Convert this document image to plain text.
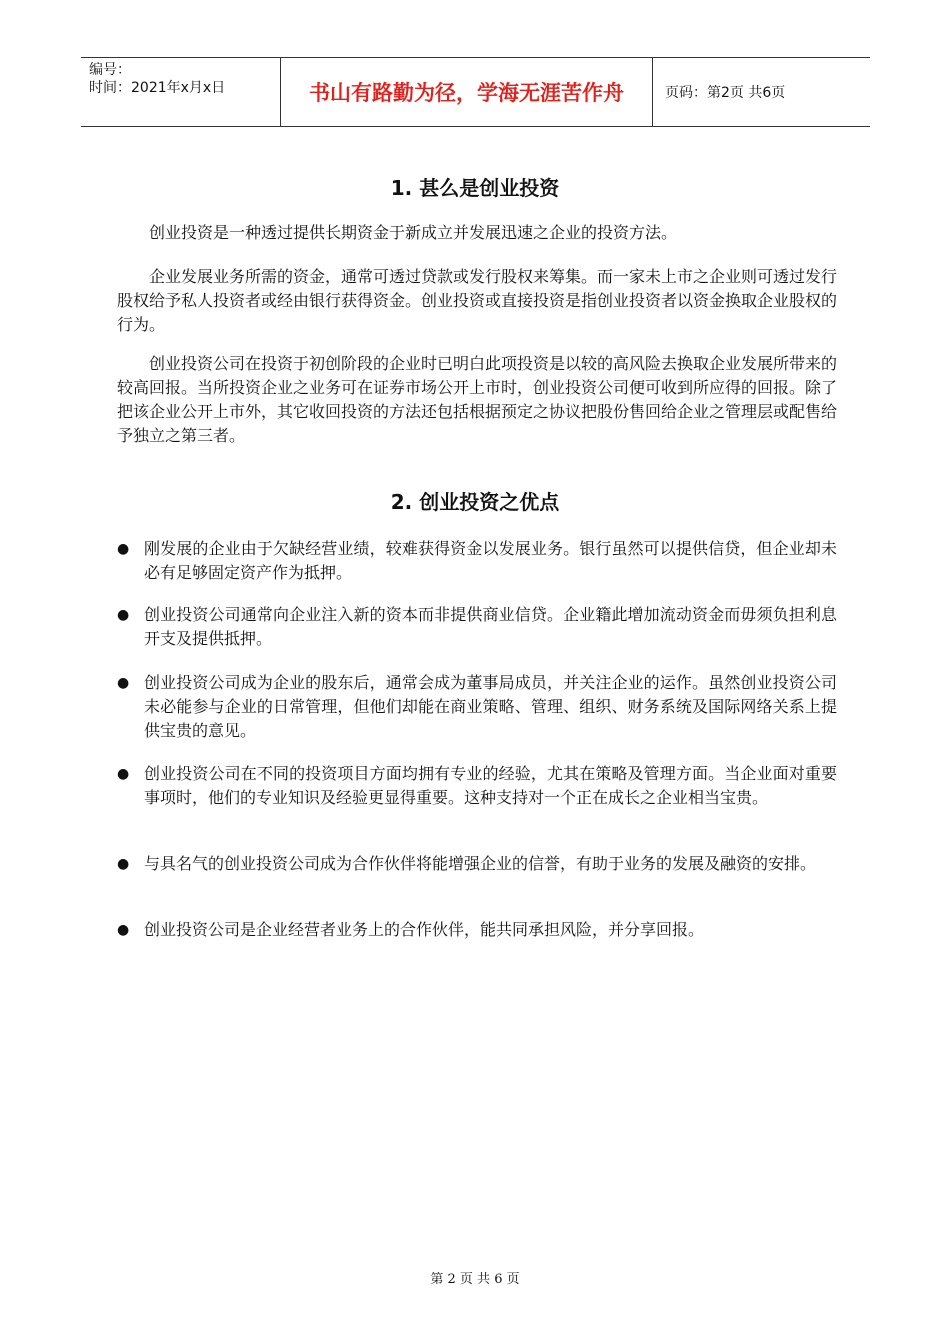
编号：
时间：2021年x月x日	书山有路勤为径，学海无涯苦作舟	页码：第2页 共6页
1. 甚么是创业投资

创业投资是一种透过提供长期资金于新成立并发展迅速之企业的投资方法。

企业发展业务所需的资金，通常可透过贷款或发行股权来筹集。而一家未上市之企业则可透过发行股权给予私人投资者或经由银行获得资金。创业投资或直接投资是指创业投资者以资金换取企业股权的行为。

创业投资公司在投资于初创阶段的企业时已明白此项投资是以较的高风险去换取企业发展所带来的较高回报。当所投资企业之业务可在证券市场公开上市时，创业投资公司便可收到所应得的回报。除了把该企业公开上市外，其它收回投资的方法还包括根据预定之协议把股份售回给企业之管理层或配售给予独立之第三者。

2. 创业投资之优点
● 刚发展的企业由于欠缺经营业绩，较难获得资金以发展业务。银行虽然可以提供信贷，但企业却未必有足够固定资产作为抵押。
● 创业投资公司通常向企业注入新的资本而非提供商业信贷。企业籍此增加流动资金而毋须负担利息开支及提供抵押。
● 创业投资公司成为企业的股东后，通常会成为董事局成员，并关注企业的运作。虽然创业投资公司未必能参与企业的日常管理，但他们却能在商业策略、管理、组织、财务系统及国际网络关系上提供宝贵的意见。
● 创业投资公司在不同的投资项目方面均拥有专业的经验，尤其在策略及管理方面。当企业面对重要事项时，他们的专业知识及经验更显得重要。这种支持对一个正在成长之企业相当宝贵。
● 与具名气的创业投资公司成为合作伙伴将能增强企业的信誉，有助于业务的发展及融资的安排。
● 创业投资公司是企业经营者业务上的合作伙伴，能共同承担风险，并分享回报。
第 2 页 共 6 页
